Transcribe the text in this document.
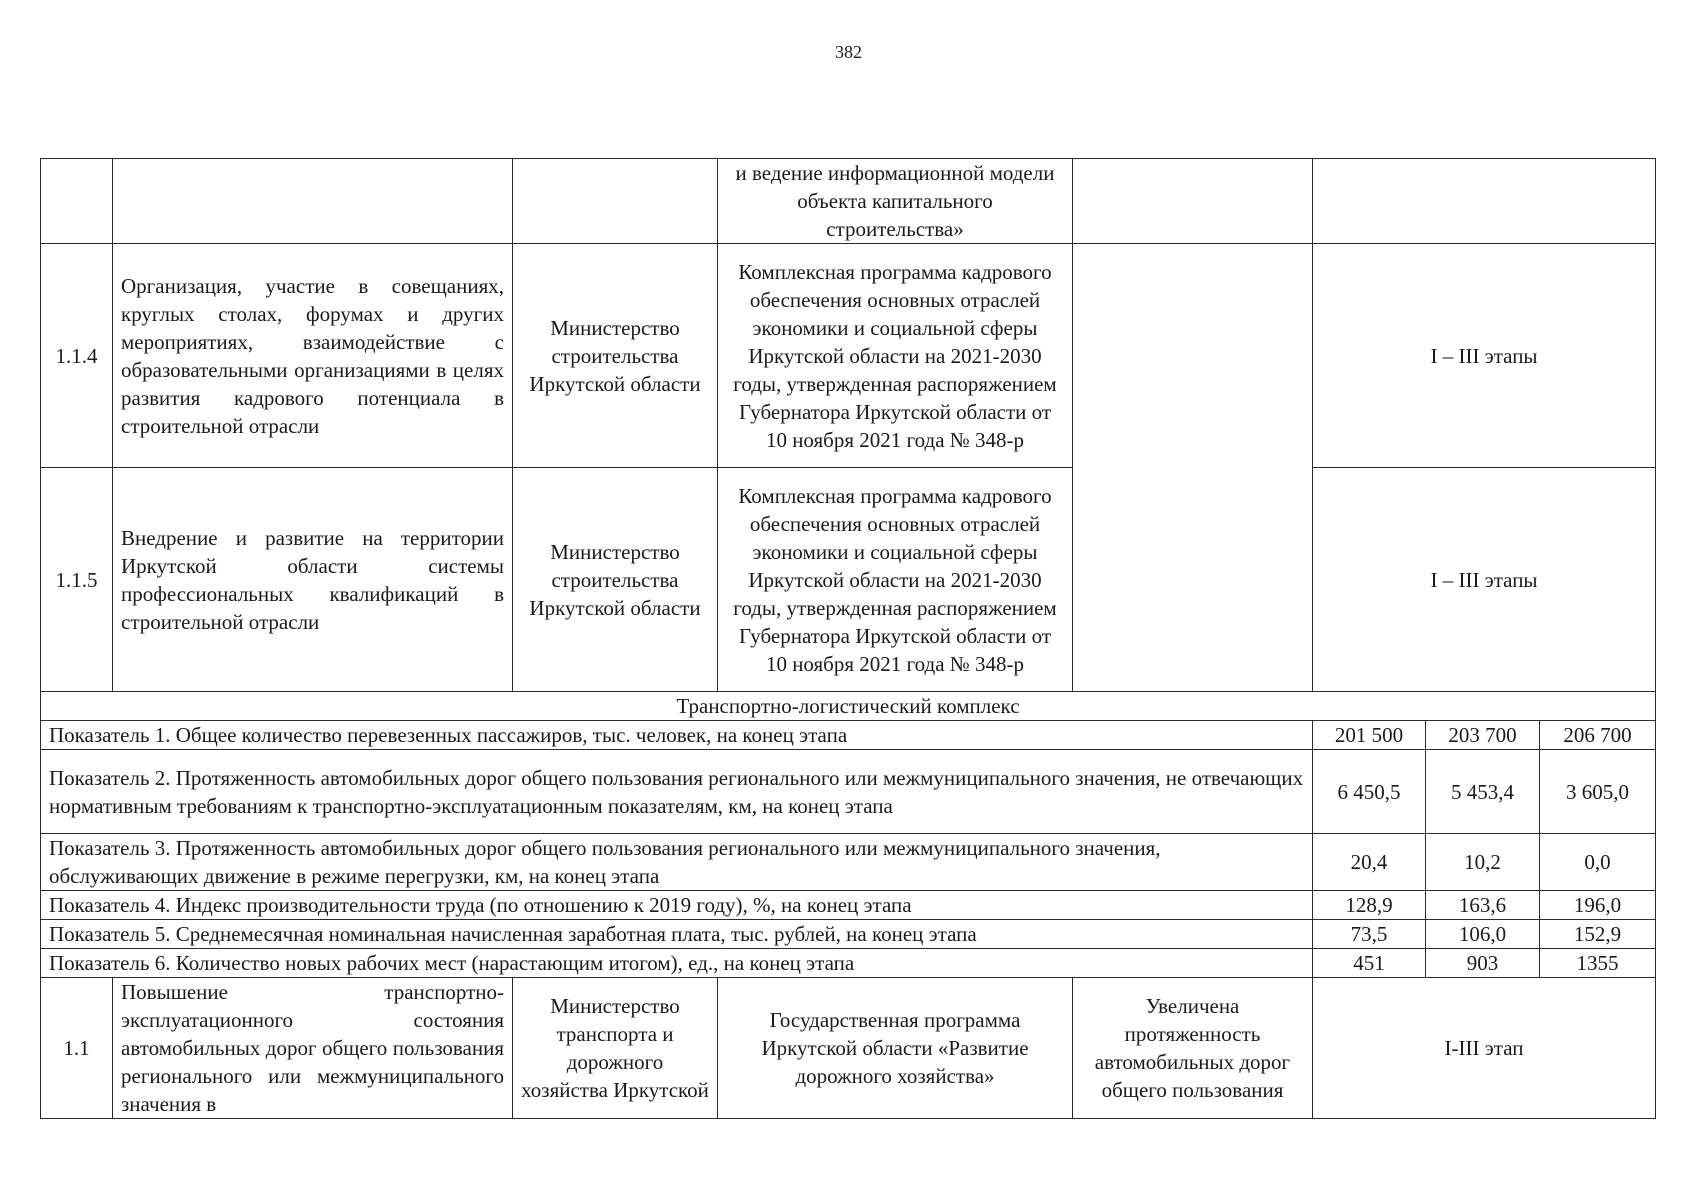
382
			и ведение информационной модели объекта капитального строительства»				
1.1.4	Организация, участие в совещаниях, круглых столах, форумах и других мероприятиях, взаимодействие с образовательными организациями в целях развития кадрового потенциала в строительной отрасли	Министерство строительства Иркутской области	Комплексная программа кадрового обеспечения основных отраслей экономики и социальной сферы Иркутской области на 2021-2030 годы, утвержденная распоряжением Губернатора Иркутской области от 10 ноября 2021 года № 348-р		I – III этапы		
1.1.5	Внедрение и развитие на территории Иркутской области системы профессиональных квалификаций в строительной отрасли	Министерство строительства Иркутской области	Комплексная программа кадрового обеспечения основных отраслей экономики и социальной сферы Иркутской области на 2021-2030 годы, утвержденная распоряжением Губернатора Иркутской области от 10 ноября 2021 года № 348-р		I – III этапы		
Транспортно-логистический комплекс							
Показатель 1. Общее количество перевезенных пассажиров, тыс. человек, на конец этапа					201 500	203 700	206 700
Показатель 2. Протяженность автомобильных дорог общего пользования регионального или межмуниципального значения, не отвечающих нормативным требованиям к транспортно-эксплуатационным показателям, км, на конец этапа					6 450,5	5 453,4	3 605,0
Показатель 3. Протяженность автомобильных дорог общего пользования регионального или межмуниципального значения, обслуживающих движение в режиме перегрузки, км, на конец этапа					20,4	10,2	0,0
Показатель 4. Индекс производительности труда (по отношению к 2019 году), %, на конец этапа					128,9	163,6	196,0
Показатель 5. Среднемесячная номинальная начисленная заработная плата, тыс. рублей, на конец этапа					73,5	106,0	152,9
Показатель 6. Количество новых рабочих мест (нарастающим итогом), ед., на конец этапа					451	903	1355
1.1	Повышение транспортно-эксплуатационного состояния автомобильных дорог общего пользования регионального или межмуниципального значения в	Министерство транспорта и дорожного хозяйства Иркутской	Государственная программа Иркутской области «Развитие дорожного хозяйства»	Увеличена протяженность автомобильных дорог общего пользования	I-III этап		
